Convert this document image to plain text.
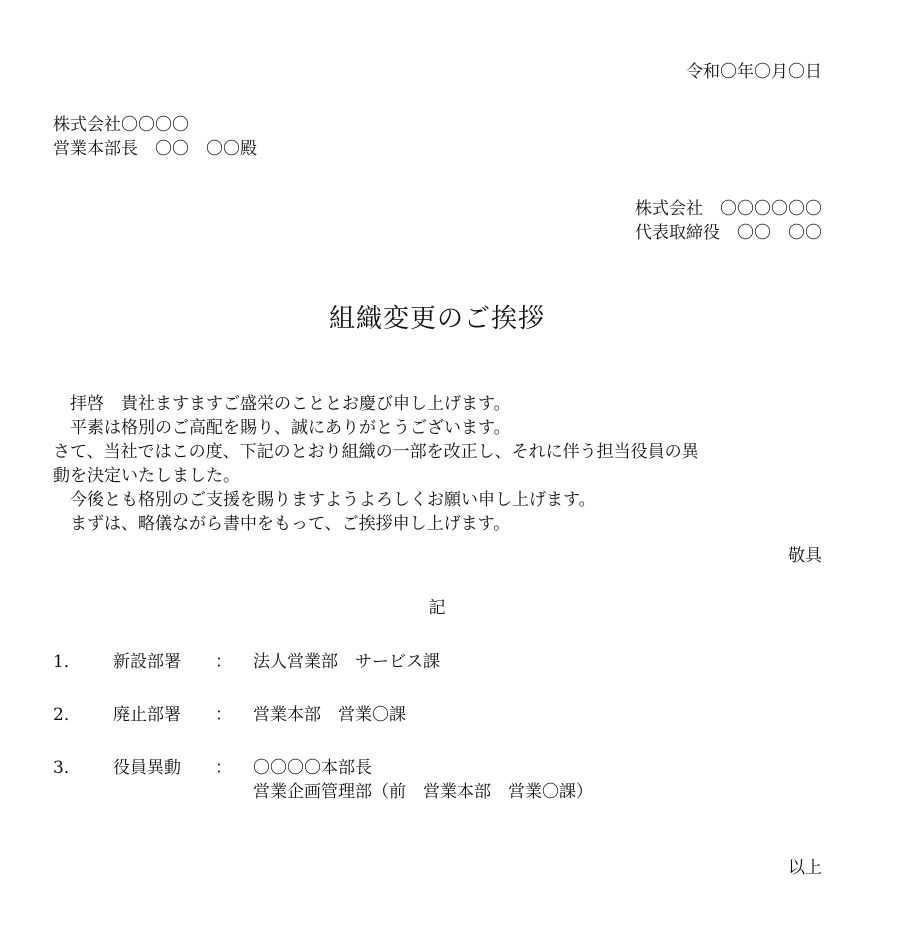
令和〇年〇月〇日
株式会社〇〇〇〇
営業本部長　〇〇　〇〇殿
株式会社　〇〇〇〇〇〇
代表取締役　〇〇　〇〇
組織変更のご挨拶
　拝啓　貴社ますますご盛栄のこととお慶び申し上げます。
　平素は格別のご高配を賜り、誠にありがとうございます。
さて、当社ではこの度、下記のとおり組織の一部を改正し、それに伴う担当役員の異
動を決定いたしました。
　今後とも格別のご支援を賜りますようよろしくお願い申し上げます。
　まずは、略儀ながら書中をもって、ご挨拶申し上げます。
敬具
記
1．	新設部署	： 法人営業部　サービス課
2．	廃止部署	： 営業本部　営業〇課
3．	役員異動	： 〇〇〇〇本部長
営業企画管理部（前　営業本部　営業〇課）
以上
